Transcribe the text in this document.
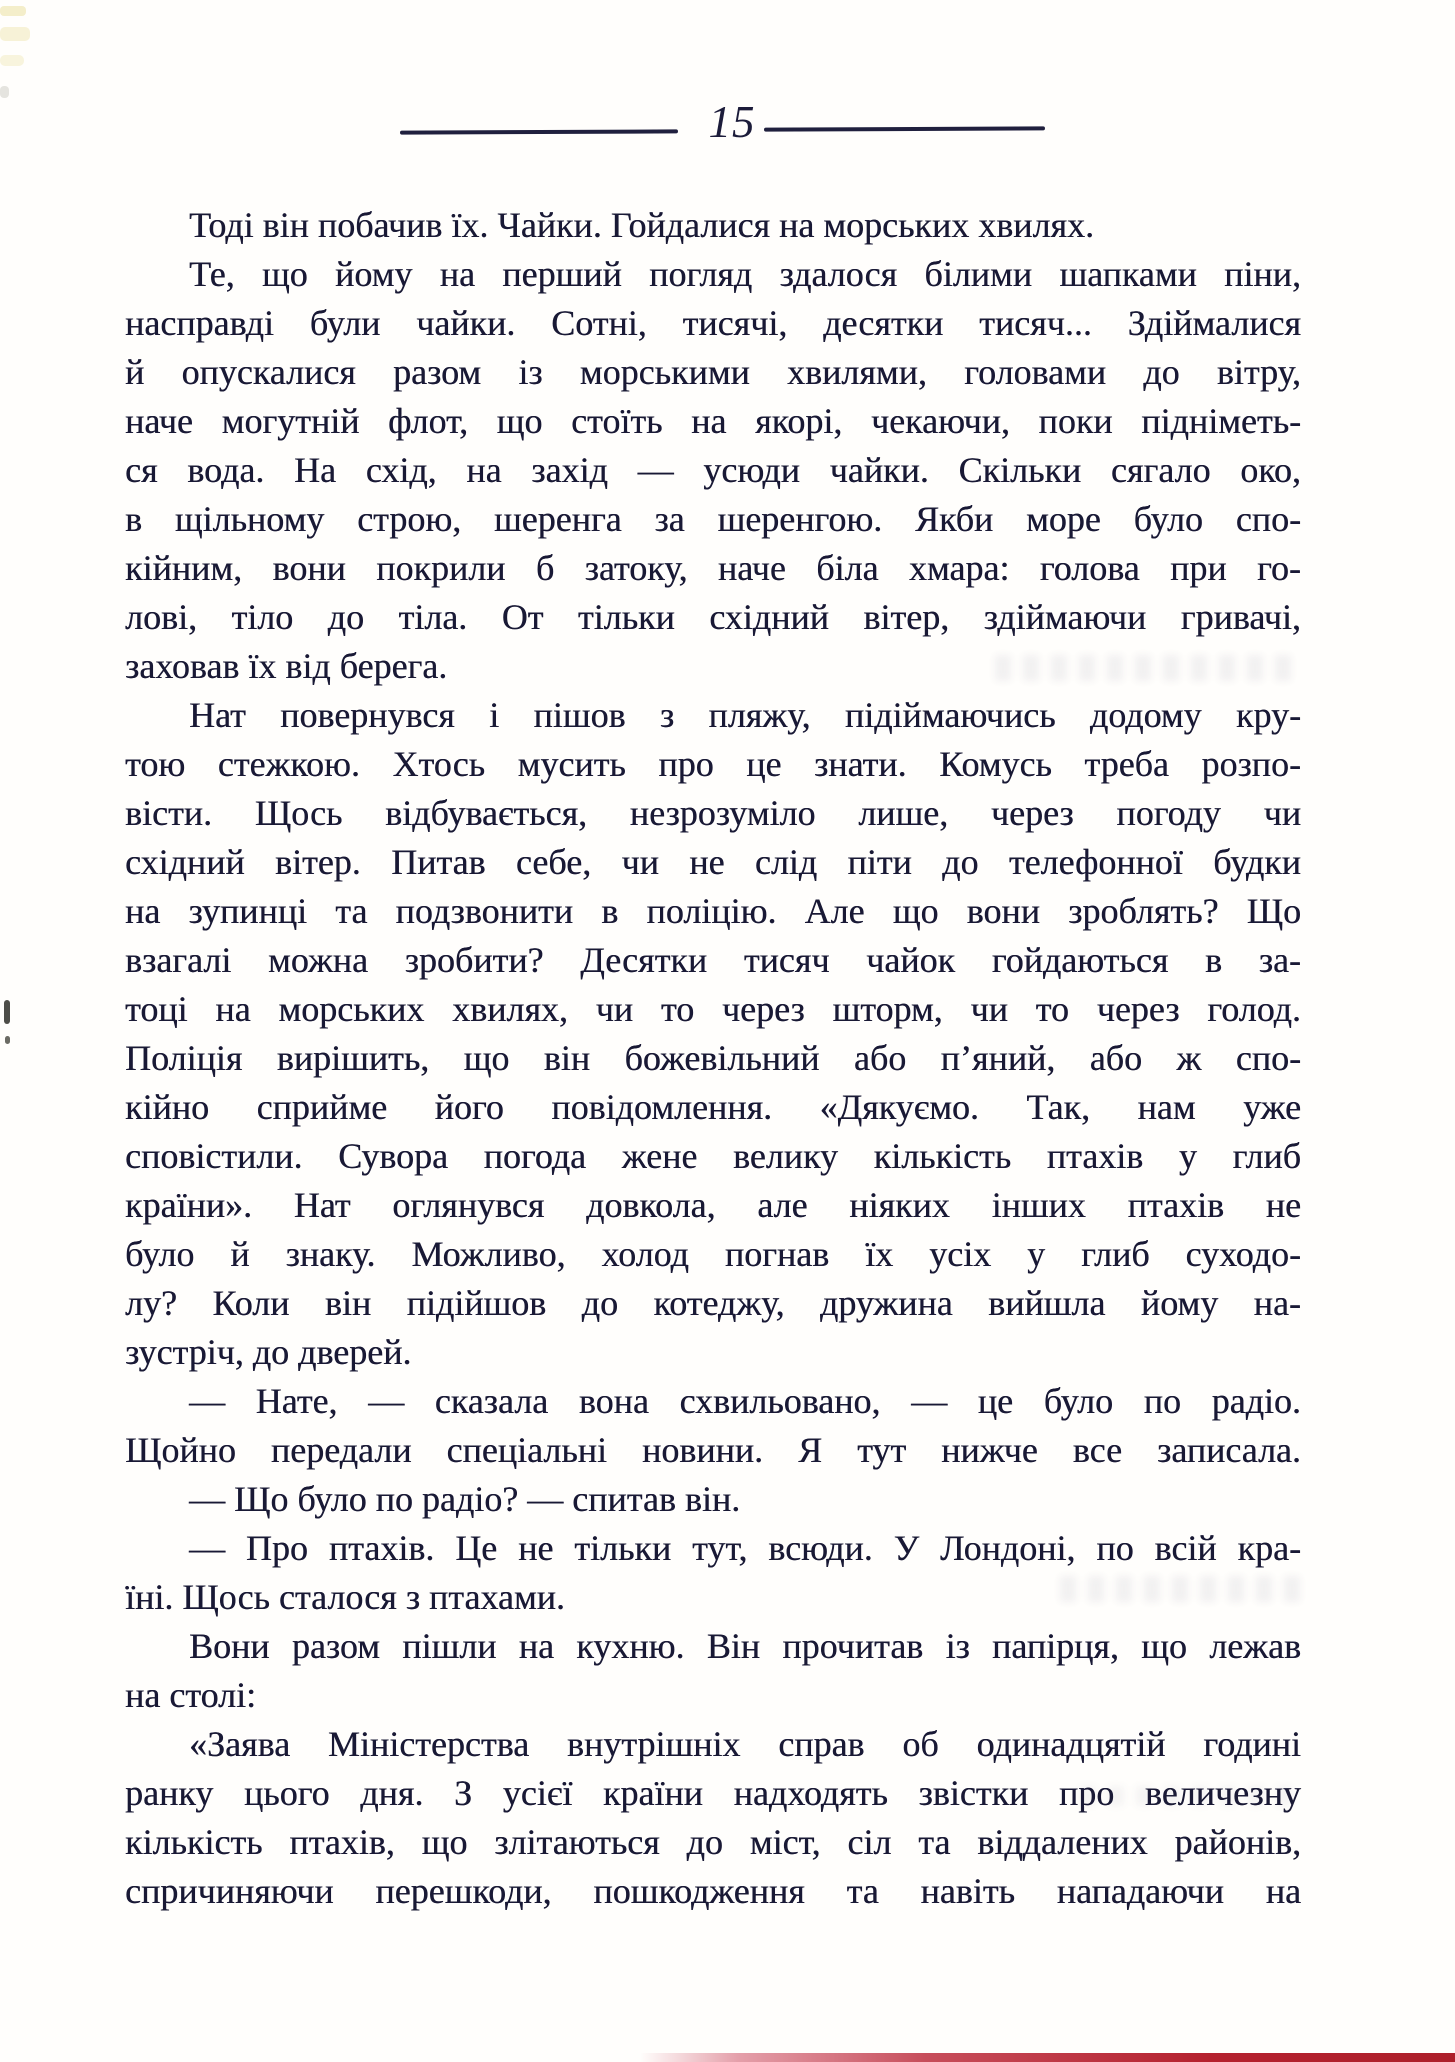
15
Тоді він побачив їх. Чайки. Гойдалися на морських хвилях.
Те, що йому на перший погляд здалося білими шапками піни,
насправді були чайки. Сотні, тисячі, десятки тисяч... Здіймалися
й опускалися разом із морськими хвилями, головами до вітру,
наче могутній флот, що стоїть на якорі, чекаючи, поки підніметь-
ся вода. На схід, на захід — усюди чайки. Скільки сягало око,
в щільному строю, шеренга за шеренгою. Якби море було спо-
кійним, вони покрили б затоку, наче біла хмара: голова при го-
лові, тіло до тіла. От тільки східний вітер, здіймаючи гривачі,
заховав їх від берега.
Нат повернувся і пішов з пляжу, підіймаючись додому кру-
тою стежкою. Хтось мусить про це знати. Комусь треба розпо-
вісти. Щось відбувається, незрозуміло лише, через погоду чи
східний вітер. Питав себе, чи не слід піти до телефонної будки
на зупинці та подзвонити в поліцію. Але що вони зроблять? Що
взагалі можна зробити? Десятки тисяч чайок гойдаються в за-
тоці на морських хвилях, чи то через шторм, чи то через голод.
Поліція вирішить, що він божевільний або п’яний, або ж спо-
кійно сприйме його повідомлення. «Дякуємо. Так, нам уже
сповістили. Сувора погода жене велику кількість птахів у глиб
країни». Нат оглянувся довкола, але ніяких інших птахів не
було й знаку. Можливо, холод погнав їх усіх у глиб суходо-
лу? Коли він підійшов до котеджу, дружина вийшла йому на-
зустріч, до дверей.
— Нате, — сказала вона схвильовано, — це було по радіо.
Щойно передали спеціальні новини. Я тут нижче все записала.
— Що було по радіо? — спитав він.
— Про птахів. Це не тільки тут, всюди. У Лондоні, по всій кра-
їні. Щось сталося з птахами.
Вони разом пішли на кухню. Він прочитав із папірця, що лежав
на столі:
«Заява Міністерства внутрішніх справ об одинадцятій годині
ранку цього дня. З усієї країни надходять звістки про величезну
кількість птахів, що злітаються до міст, сіл та віддалених районів,
спричиняючи перешкоди, пошкодження та навіть нападаючи на
